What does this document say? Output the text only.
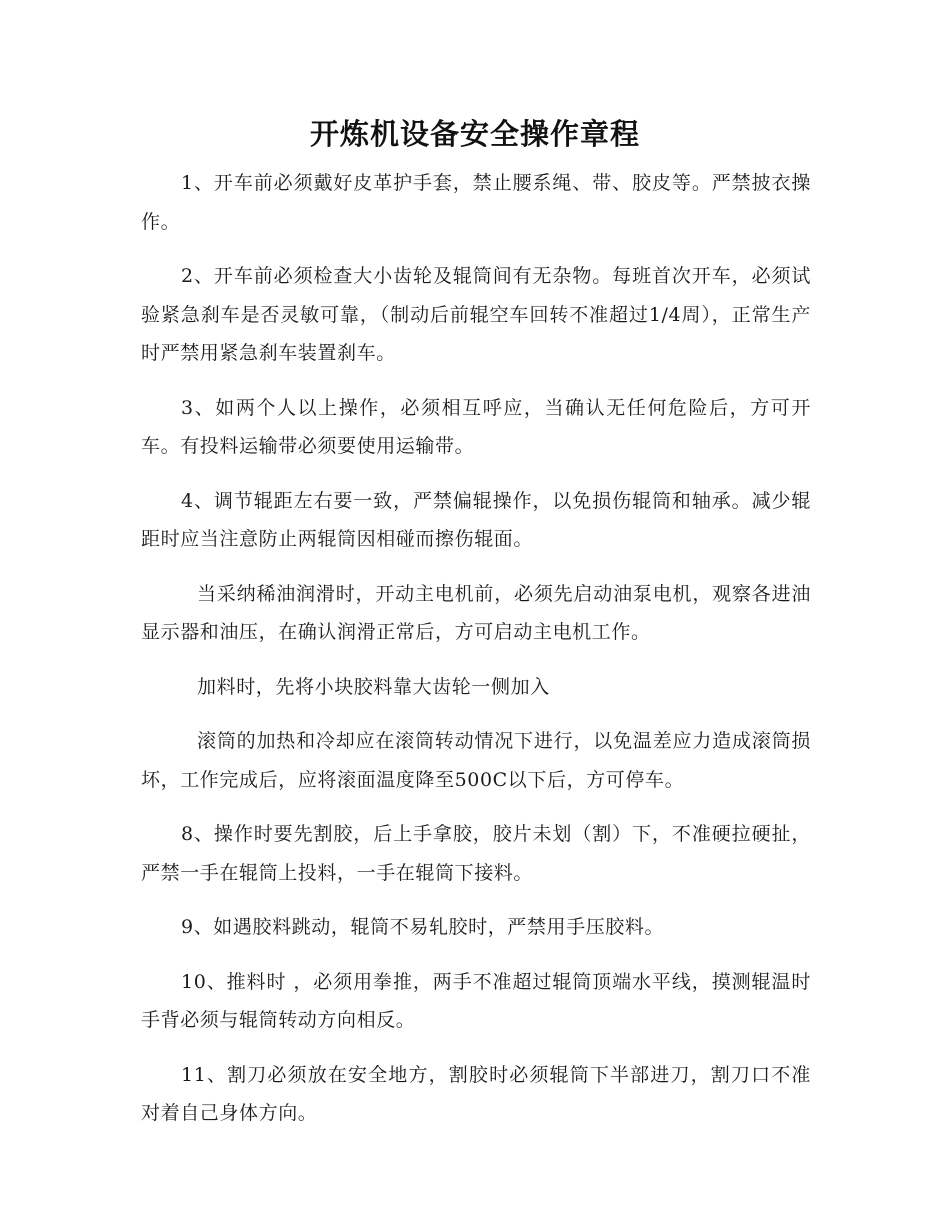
开炼机设备安全操作章程

1、开车前必须戴好皮革护手套，禁止腰系绳、带、胶皮等。严禁披衣操作。

2、开车前必须检查大小齿轮及辊筒间有无杂物。每班首次开车，必须试验紧急刹车是否灵敏可靠，（制动后前辊空车回转不准超过1/4周），正常生产时严禁用紧急刹车装置刹车。

3、如两个人以上操作，必须相互呼应，当确认无任何危险后，方可开车。有投料运输带必须要使用运输带。

4、调节辊距左右要一致，严禁偏辊操作，以免损伤辊筒和轴承。减少辊距时应当注意防止两辊筒因相碰而擦伤辊面。

当采纳稀油润滑时，开动主电机前，必须先启动油泵电机，观察各进油显示器和油压，在确认润滑正常后，方可启动主电机工作。

加料时，先将小块胶料靠大齿轮一侧加入

滚筒的加热和冷却应在滚筒转动情况下进行，以免温差应力造成滚筒损坏，工作完成后，应将滚面温度降至500C以下后，方可停车。

8、操作时要先割胶，后上手拿胶，胶片未划（割）下，不准硬拉硬扯，严禁一手在辊筒上投料，一手在辊筒下接料。

9、如遇胶料跳动，辊筒不易轧胶时，严禁用手压胶料。

10、推料时 ，必须用拳推，两手不准超过辊筒顶端水平线，摸测辊温时手背必须与辊筒转动方向相反。

11、割刀必须放在安全地方，割胶时必须辊筒下半部进刀，割刀口不准对着自己身体方向。
